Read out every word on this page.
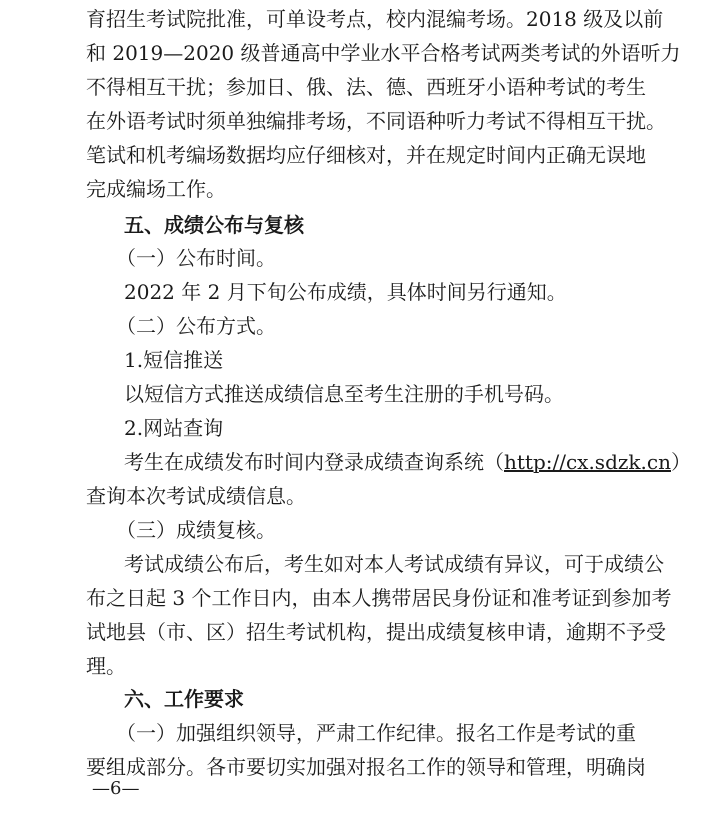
育招生考试院批准，可单设考点，校内混编考场。2018 级及以前
和 2019—2020 级普通高中学业水平合格考试两类考试的外语听力
不得相互干扰；参加日、俄、法、德、西班牙小语种考试的考生
在外语考试时须单独编排考场，不同语种听力考试不得相互干扰。
笔试和机考编场数据均应仔细核对，并在规定时间内正确无误地
完成编场工作。
五、成绩公布与复核
（一）公布时间。
2022 年 2 月下旬公布成绩，具体时间另行通知。
（二）公布方式。
1.短信推送
以短信方式推送成绩信息至考生注册的手机号码。
2.网站查询
考生在成绩发布时间内登录成绩查询系统（http://cx.sdzk.cn）
查询本次考试成绩信息。
（三）成绩复核。
考试成绩公布后，考生如对本人考试成绩有异议，可于成绩公
布之日起 3 个工作日内，由本人携带居民身份证和准考证到参加考
试地县（市、区）招生考试机构，提出成绩复核申请，逾期不予受
理。
六、工作要求
（一）加强组织领导，严肃工作纪律。报名工作是考试的重
要组成部分。各市要切实加强对报名工作的领导和管理，明确岗
—6—
